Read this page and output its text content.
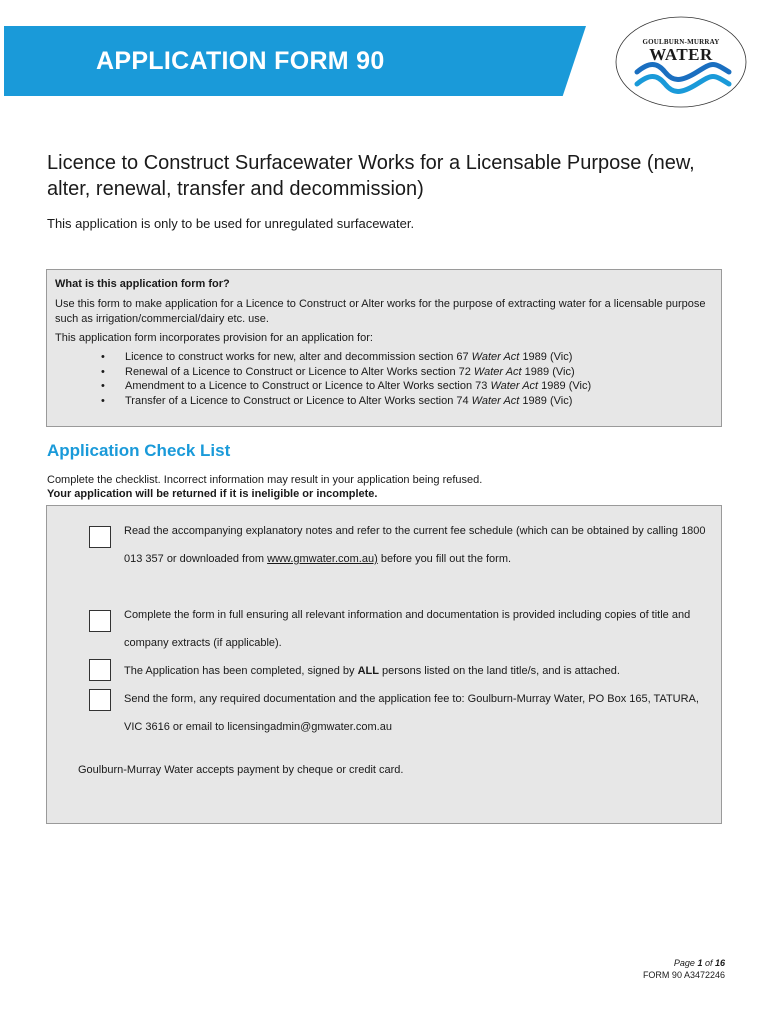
APPLICATION FORM 90
GOULBURN-MURRAY
WATER
Licence to Construct Surfacewater Works for a Licensable Purpose (new, alter, renewal, transfer and decommission)
This application is only to be used for unregulated surfacewater.
What is this application form for?

Use this form to make application for a Licence to Construct or Alter works for the purpose of extracting water for a licensable purpose such as irrigation/commercial/dairy etc. use.

This application form incorporates provision for an application for:

• Licence to construct works for new, alter and decommission section 67 Water Act 1989 (Vic)
• Renewal of a Licence to Construct or Licence to Alter Works section 72 Water Act 1989 (Vic)
• Amendment to a Licence to Construct or Licence to Alter Works section 73 Water Act 1989 (Vic)
• Transfer of a Licence to Construct or Licence to Alter Works section 74 Water Act 1989 (Vic)
Application Check List
Complete the checklist. Incorrect information may result in your application being refused.
Your application will be returned if it is ineligible or incomplete.
Read the accompanying explanatory notes and refer to the current fee schedule (which can be obtained by calling 1800 013 357 or downloaded from www.gmwater.com.au) before you fill out the form.
Complete the form in full ensuring all relevant information and documentation is provided including copies of title and company extracts (if applicable).
The Application has been completed, signed by ALL persons listed on the land title/s, and is attached.
Send the form, any required documentation and the application fee to: Goulburn-Murray Water, PO Box 165, TATURA, VIC 3616 or email to licensingadmin@gmwater.com.au
Goulburn-Murray Water accepts payment by cheque or credit card.
Page 1 of 16
FORM 90 A3472246
